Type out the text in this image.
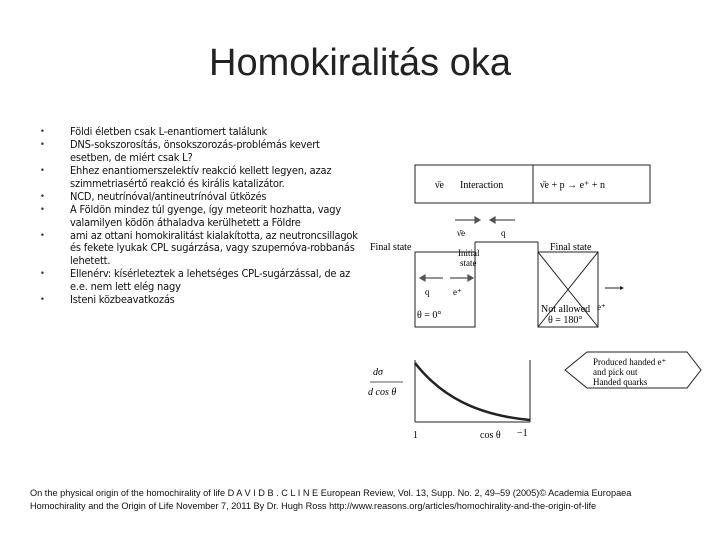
Homokiralitás oka
• Földi életben csak L-enantiomert találunk
• DNS-sokszorosítás, önsokszorozás-problémás kevert esetben, de miért csak L?
• Ehhez enantiomerszelektív reakció kellett legyen, azaz szimmetriasértő reakció és királis katalizátor.
• NCD, neutrínóval/antineutrínóval ütközés
• A Földön mindez túl gyenge, így meteorit hozhatta, vagy valamilyen ködön áthaladva kerülhetett a Földre
• ami az ottani homokiralitást kialakította, az neutroncsillagok és fekete lyukak CPL sugárzása, vagy szupernóva-robbanás lehetett.
• Ellenérv: kísérleteztek a lehetséges CPL-sugárzással, de az e.e. nem lett elég nagy
• Isteni közbeavatkozás
ν̄e Interaction	ν̄e + p → e⁺ + n
ν̄e	q
Initial state
Final state	Final state
q	e⁺
θ = 0°
Not allowed
θ = 180°
e⁺
Produced handed e⁺ and pick out Handed quarks
dσ
d cos θ
1	cos θ −1
On the physical origin of the homochirality of life D A V I D B . C L I N E European Review, Vol. 13, Supp. No. 2, 49–59 (2005)© Academia Europaea
Homochirality and the Origin of Life November 7, 2011 By Dr. Hugh Ross http://www.reasons.org/articles/homochirality-and-the-origin-of-life
